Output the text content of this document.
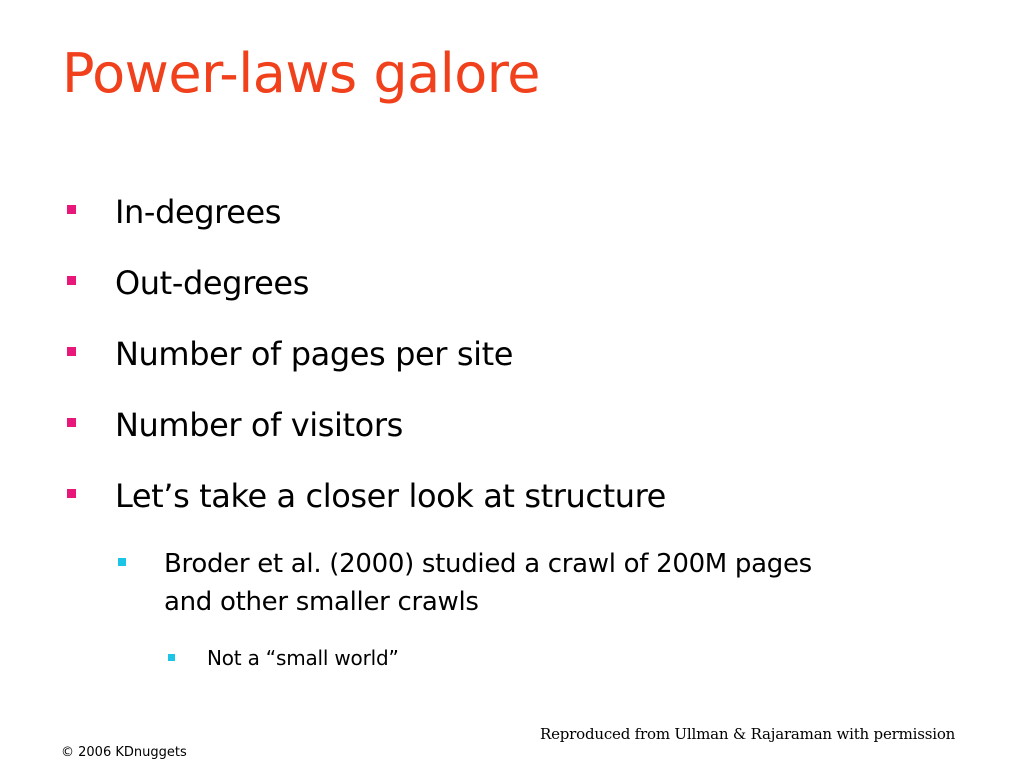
Power-laws galore
In-degrees
Out-degrees
Number of pages per site
Number of visitors
Let’s take a closer look at structure
Broder et al. (2000) studied a crawl of 200M pages
and other smaller crawls
Not a “small world”
Reproduced from Ullman & Rajaraman with permission
© 2006 KDnuggets
